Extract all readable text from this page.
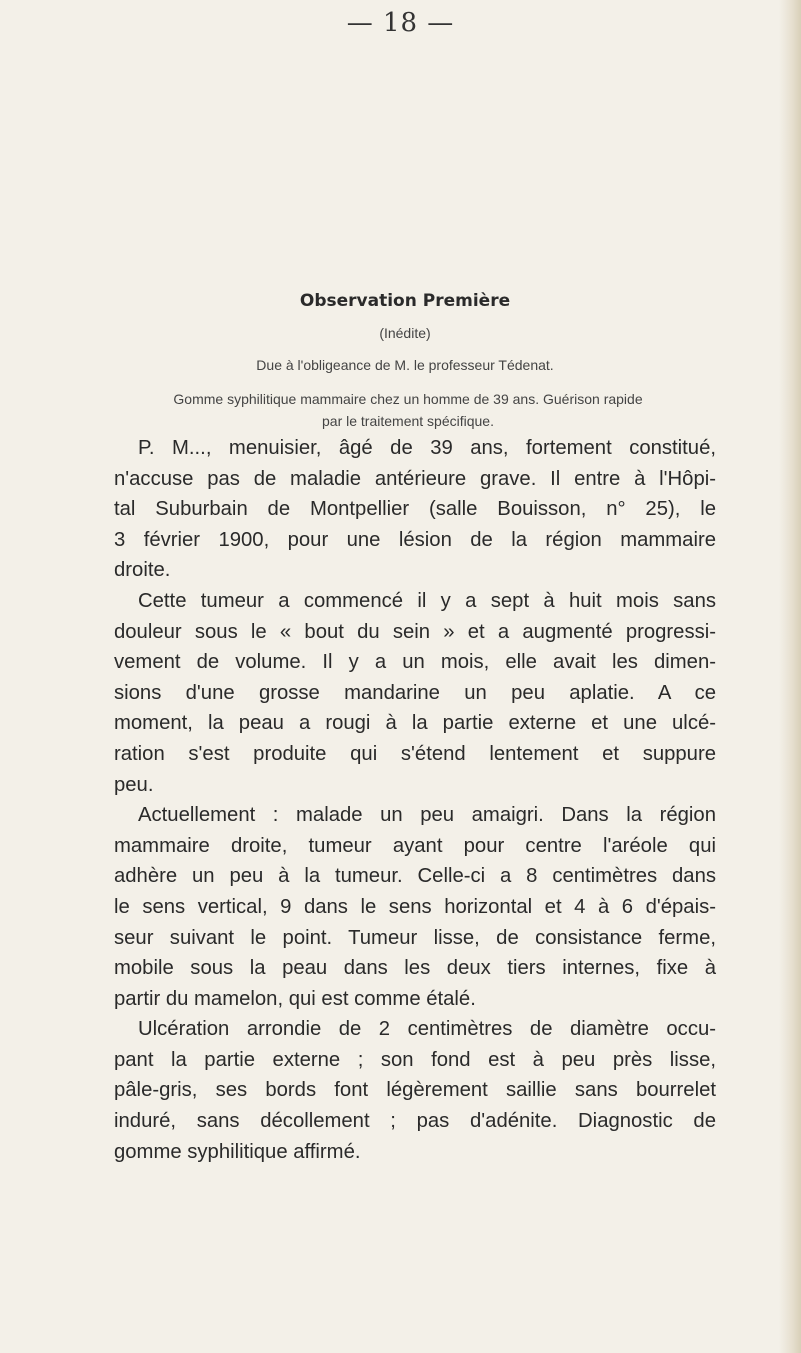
— 18 —
Observation Première
(Inédite)
Due à l'obligeance de M. le professeur Tédenat.
Gomme syphilitique mammaire chez un homme de 39 ans. Guérison rapide
par le traitement spécifique.
P. M..., menuisier, âgé de 39 ans, fortement constitué,
n'accuse pas de maladie antérieure grave. Il entre à l'Hôpi-
tal Suburbain de Montpellier (salle Bouisson, n° 25), le
3 février 1900, pour une lésion de la région mammaire
droite.
Cette tumeur a commencé il y a sept à huit mois sans
douleur sous le « bout du sein » et a augmenté progressi-
vement de volume. Il y a un mois, elle avait les dimen-
sions d'une grosse mandarine un peu aplatie. A ce
moment, la peau a rougi à la partie externe et une ulcé-
ration s'est produite qui s'étend lentement et suppure
peu.
Actuellement : malade un peu amaigri. Dans la région
mammaire droite, tumeur ayant pour centre l'aréole qui
adhère un peu à la tumeur. Celle-ci a 8 centimètres dans
le sens vertical, 9 dans le sens horizontal et 4 à 6 d'épais-
seur suivant le point. Tumeur lisse, de consistance ferme,
mobile sous la peau dans les deux tiers internes, fixe à
partir du mamelon, qui est comme étalé.
Ulcération arrondie de 2 centimètres de diamètre occu-
pant la partie externe ; son fond est à peu près lisse,
pâle-gris, ses bords font légèrement saillie sans bourrelet
induré, sans décollement ; pas d'adénite. Diagnostic de
gomme syphilitique affirmé.
